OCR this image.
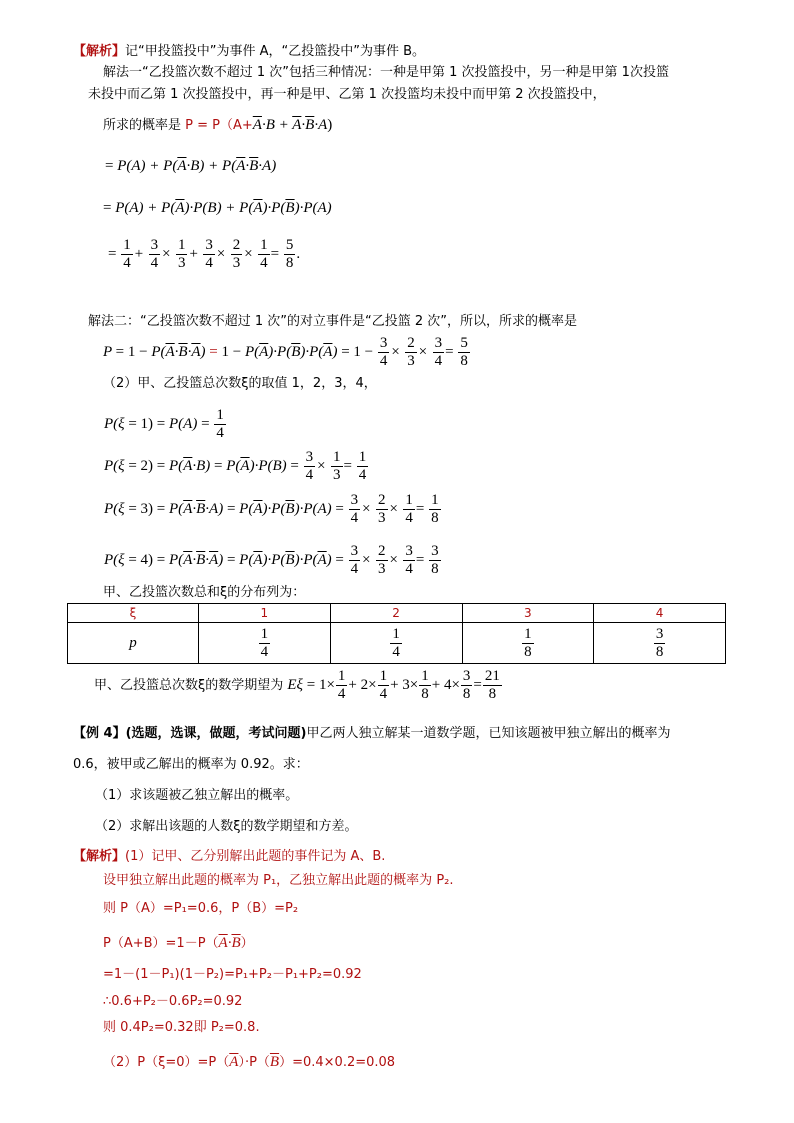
【解析】记“甲投篮投中”为事件 A，“乙投篮投中”为事件 B。
解法一“乙投篮次数不超过 1 次”包括三种情况：一种是甲第 1 次投篮投中，另一种是甲第 1次投篮
未投中而乙第 1 次投篮投中，再一种是甲、乙第 1 次投篮均未投中而甲第 2 次投篮投中，
所求的概率是 $P = P(A+\overline{A}\cdot B + \overline{A}\cdot\overline{B}\cdot A)$
= $P(A) + P(\overline{A}\cdot B) + P(\overline{A}\cdot\overline{B}\cdot A)$
= $P(A) + P(\overline{A})\cdot P(B) + P(\overline{A})\cdot P(\overline{B})\cdot P(A)$
= $\frac{1}{4} + \frac{3}{4} \times \frac{1}{3} + \frac{3}{4} \times \frac{2}{3} \times \frac{1}{4} = \frac{5}{8}$ .
解法二：“乙投篮次数不超过 1 次”的对立事件是“乙投篮 2 次”，所以，所求的概率是
$P = 1 - P(\overline{A}\cdot\overline{B}\cdot\overline{A}) = 1 - P(\overline{A})\cdot P(\overline{B})\cdot P(\overline{A}) = 1 - \frac{3}{4} \times \frac{2}{3} \times \frac{3}{4} = \frac{5}{8}$
（2）甲、乙投篮总次数ξ的取值 1，2，3，4，
$P(\xi = 1) = P(A) = \frac{1}{4}$
$P(\xi = 2) = P(\overline{A}\cdot B) = P(\overline{A})\cdot P(B) = \frac{3}{4} \times \frac{1}{3} = \frac{1}{4}$
$P(\xi = 3) = P(\overline{A}\cdot\overline{B}\cdot A) = P(\overline{A})\cdot P(\overline{B})\cdot P(A) = \frac{3}{4} \times \frac{2}{3} \times \frac{1}{4} = \frac{1}{8}$
$P(\xi = 4) = P(\overline{A}\cdot\overline{B}\cdot\overline{A}) = P(\overline{A})\cdot P(\overline{B})\cdot P(\overline{A}) = \frac{3}{4} \times \frac{2}{3} \times \frac{3}{4} = \frac{3}{8}$
甲、乙投篮次数总和ξ的分布列为：
ξ	1	2	3	4
p	$\frac{1}{4}$	$\frac{1}{4}$	$\frac{1}{8}$	$\frac{3}{8}$
甲、乙投篮总次数ξ的数学期望为 $E\xi = 1\times \frac{1}{4} + 2\times \frac{1}{4} + 3\times \frac{1}{8} + 4\times \frac{3}{8} = \frac{21}{8}$
【例 4】(选题，选课，做题，考试问题)甲乙两人独立解某一道数学题，已知该题被甲独立解出的概率为
0.6，被甲或乙解出的概率为 0.92。求：
（1）求该题被乙独立解出的概率。
（2）求解出该题的人数ξ的数学期望和方差。
【解析】(1）记甲、乙分别解出此题的事件记为 A、B.
设甲独立解出此题的概率为 P₁，乙独立解出此题的概率为 P₂.
则 P（A）=P₁=0.6，P（B）=P₂
$P(A+B)=1-P(\overline{A}\cdot\overline{B})$
=1－(1－P₁)(1－P₂)=P₁+P₂－P₁+P₂=0.92
∴0.6+P₂－0.6P₂=0.92
则 0.4P₂=0.32即 P₂=0.8.
$(2)P(\xi=0)=P(\overline{A})\cdot P(\overline{B})=0.4\times 0.2=0.08$
